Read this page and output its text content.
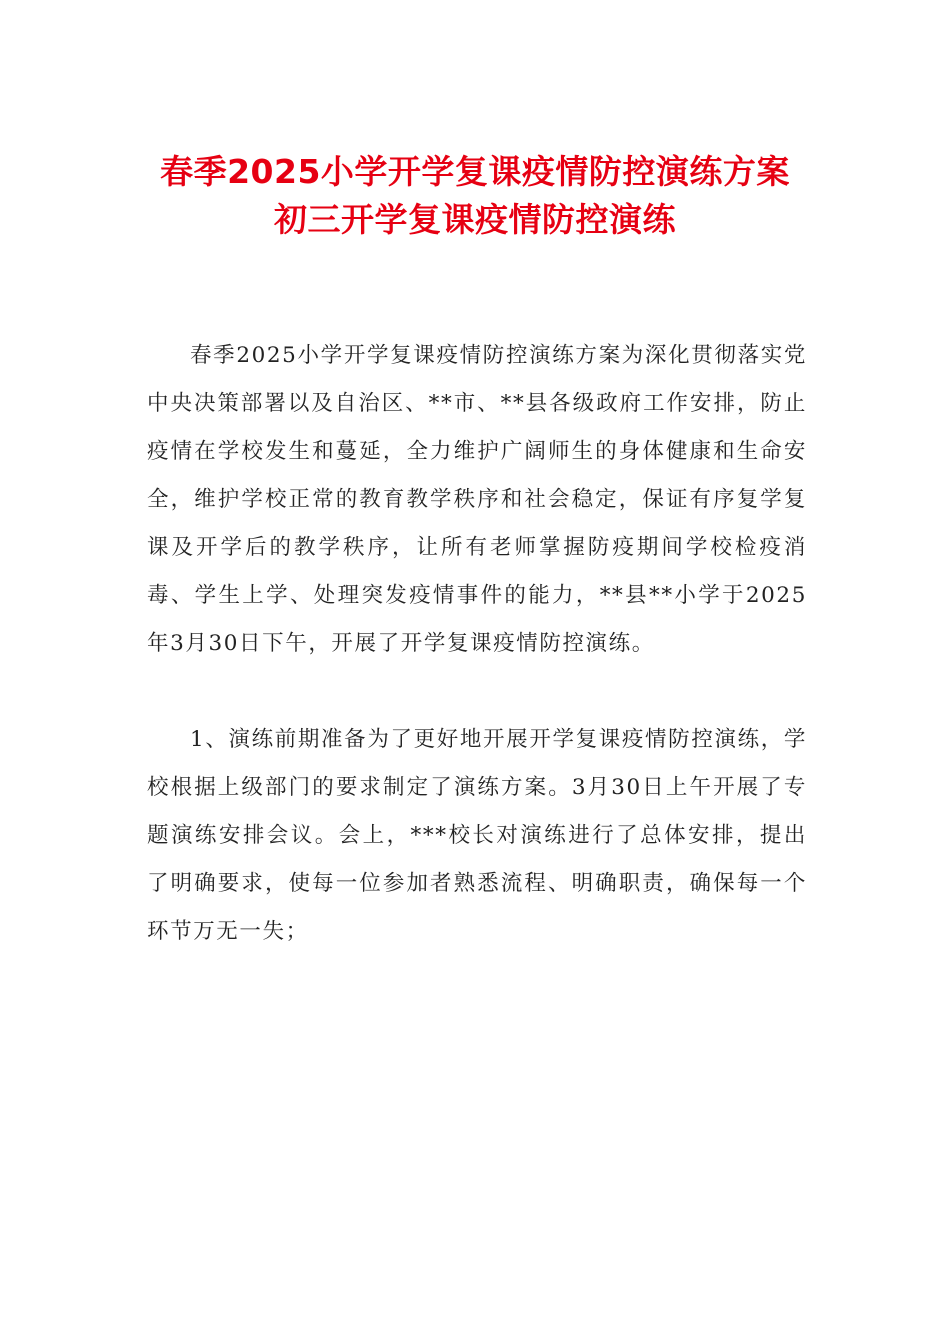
春季2025小学开学复课疫情防控演练方案
初三开学复课疫情防控演练

春季2025小学开学复课疫情防控演练方案为深化贯彻落实党中央决策部署以及自治区、**市、**县各级政府工作安排，防止疫情在学校发生和蔓延，全力维护广阔师生的身体健康和生命安全，维护学校正常的教育教学秩序和社会稳定，保证有序复学复课及开学后的教学秩序，让所有老师掌握防疫期间学校检疫消毒、学生上学、处理突发疫情事件的能力，**县**小学于2025年3月30日下午，开展了开学复课疫情防控演练。

1、演练前期准备为了更好地开展开学复课疫情防控演练，学校根据上级部门的要求制定了演练方案。3月30日上午开展了专题演练安排会议。会上，***校长对演练进行了总体安排，提出了明确要求，使每一位参加者熟悉流程、明确职责，确保每一个环节万无一失；
